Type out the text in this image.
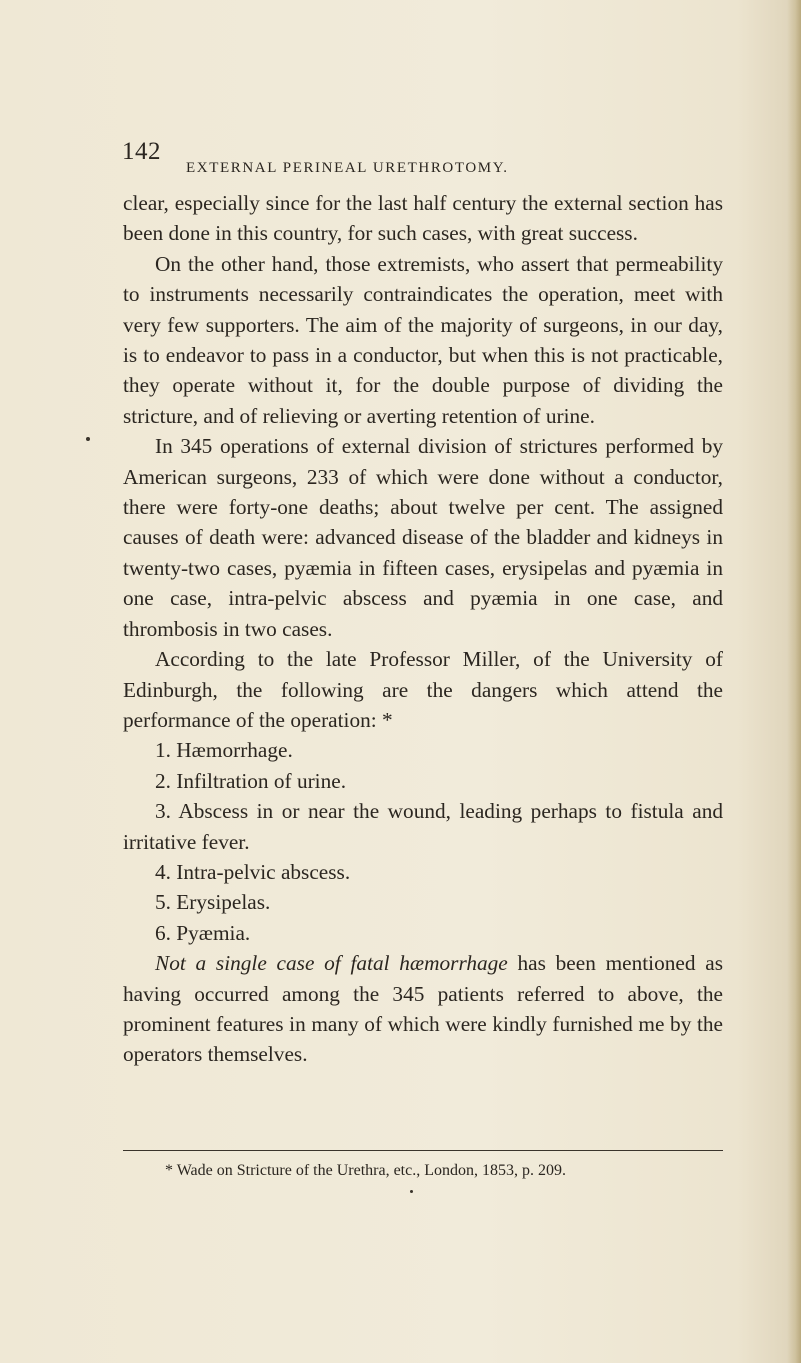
142
EXTERNAL PERINEAL URETHROTOMY.

clear, especially since for the last half century the external section has been done in this country, for such cases, with great success.

On the other hand, those extremists, who assert that permeability to instruments necessarily contraindicates the operation, meet with very few supporters. The aim of the majority of surgeons, in our day, is to endeavor to pass in a conductor, but when this is not practicable, they operate without it, for the double purpose of dividing the stricture, and of relieving or averting retention of urine.

In 345 operations of external division of strictures performed by American surgeons, 233 of which were done without a conductor, there were forty-one deaths; about twelve per cent. The assigned causes of death were: advanced disease of the bladder and kidneys in twenty-two cases, pyæmia in fifteen cases, erysipelas and pyæmia in one case, intra-pelvic abscess and pyæmia in one case, and thrombosis in two cases.

According to the late Professor Miller, of the University of Edinburgh, the following are the dangers which attend the performance of the operation: *

1. Hæmorrhage.

2. Infiltration of urine.

3. Abscess in or near the wound, leading perhaps to fistula and irritative fever.

4. Intra-pelvic abscess.

5. Erysipelas.

6. Pyæmia.

Not a single case of fatal hæmorrhage has been mentioned as having occurred among the 345 patients referred to above, the prominent features in many of which were kindly furnished me by the operators themselves.

* Wade on Stricture of the Urethra, etc., London, 1853, p. 209.
